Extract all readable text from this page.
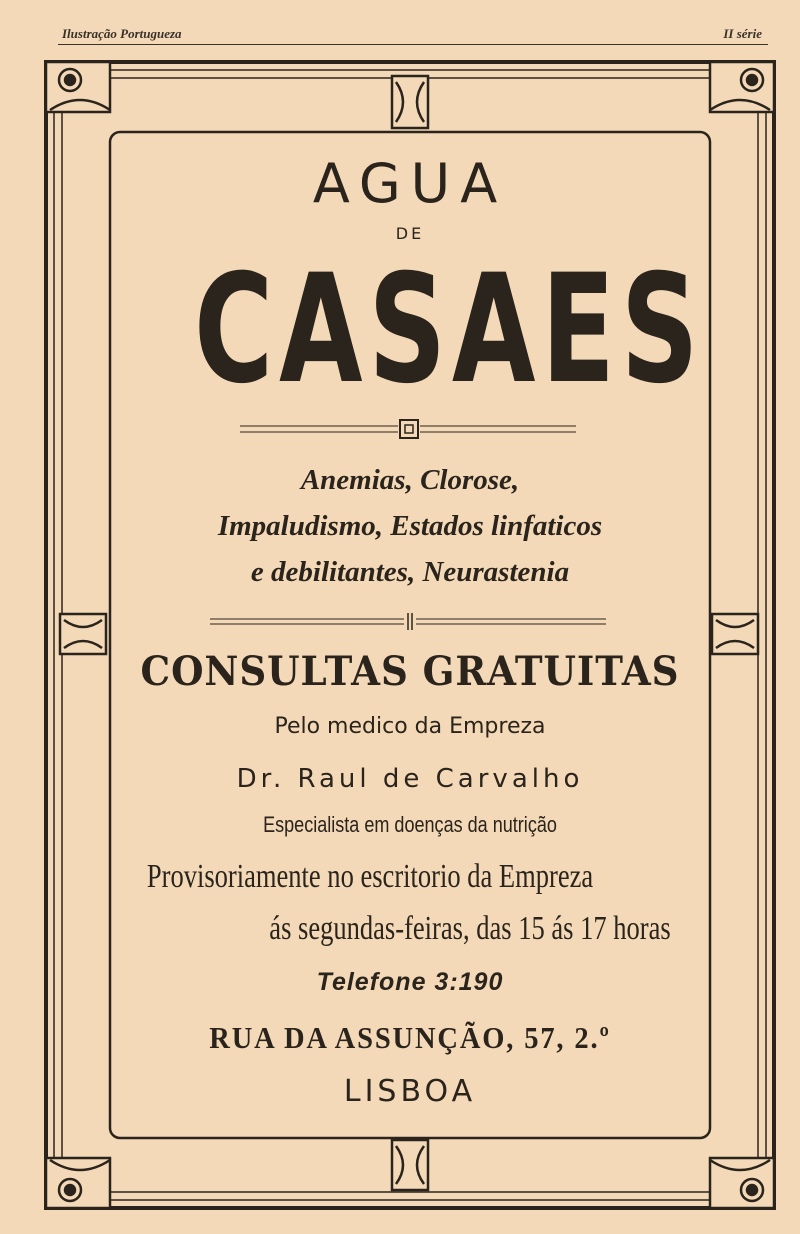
Ilustração Portugueza	II série
AGUA
DE
CASAES
Anemias, Clorose,
Impaludismo, Estados linfaticos
e debilitantes, Neurastenia
CONSULTAS GRATUITAS
Pelo medico da Empreza
Dr. Raul de Carvalho
Especialista em doenças da nutrição
Provisoriamente no escritorio da Empreza
ás segundas-feiras, das 15 ás 17 horas
Telefone 3:190
RUA DA ASSUNÇÃO, 57, 2.º
LISBOA
